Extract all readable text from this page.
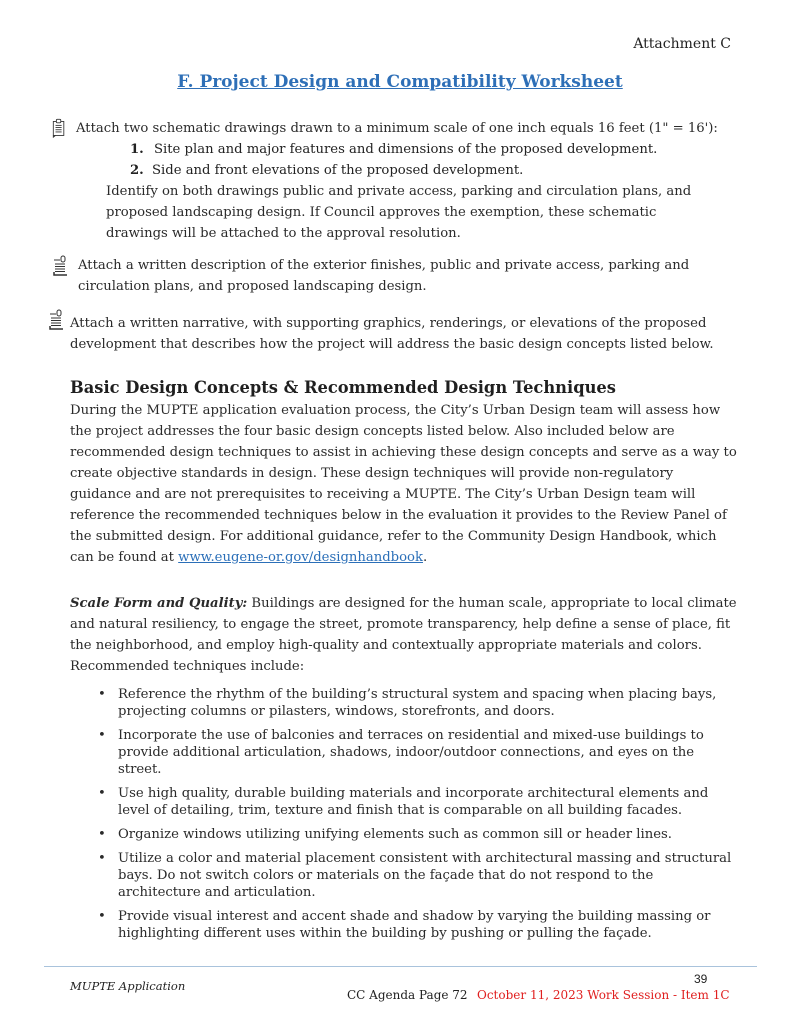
Attachment C
F. Project Design and Compatibility Worksheet
Attach two schematic drawings drawn to a minimum scale of one inch equals 16 feet (1" = 16'):
1. Site plan and major features and dimensions of the proposed development.
2. Side and front elevations of the proposed development.
Identify on both drawings public and private access, parking and circulation plans, and
proposed landscaping design. If Council approves the exemption, these schematic
drawings will be attached to the approval resolution.
Attach a written description of the exterior finishes, public and private access, parking and
circulation plans, and proposed landscaping design.
Attach a written narrative, with supporting graphics, renderings, or elevations of the proposed
development that describes how the project will address the basic design concepts listed below.
Basic Design Concepts & Recommended Design Techniques
During the MUPTE application evaluation process, the City’s Urban Design team will assess how
the project addresses the four basic design concepts listed below. Also included below are
recommended design techniques to assist in achieving these design concepts and serve as a way to
create objective standards in design. These design techniques will provide non-regulatory
guidance and are not prerequisites to receiving a MUPTE. The City’s Urban Design team will
reference the recommended techniques below in the evaluation it provides to the Review Panel of
the submitted design. For additional guidance, refer to the Community Design Handbook, which
can be found at www.eugene-or.gov/designhandbook.
Scale Form and Quality: Buildings are designed for the human scale, appropriate to local climate
and natural resiliency, to engage the street, promote transparency, help define a sense of place, fit
the neighborhood, and employ high-quality and contextually appropriate materials and colors.
Recommended techniques include:
• Reference the rhythm of the building’s structural system and spacing when placing bays, projecting columns or pilasters, windows, storefronts, and doors.
• Incorporate the use of balconies and terraces on residential and mixed-use buildings to provide additional articulation, shadows, indoor/outdoor connections, and eyes on the street.
• Use high quality, durable building materials and incorporate architectural elements and level of detailing, trim, texture and finish that is comparable on all building facades.
• Organize windows utilizing unifying elements such as common sill or header lines.
• Utilize a color and material placement consistent with architectural massing and structural bays. Do not switch colors or materials on the façade that do not respond to the architecture and articulation.
• Provide visual interest and accent shade and shadow by varying the building massing or highlighting different uses within the building by pushing or pulling the façade.
MUPTE Application	39
CC Agenda Page 72 October 11, 2023 Work Session - Item 1C
